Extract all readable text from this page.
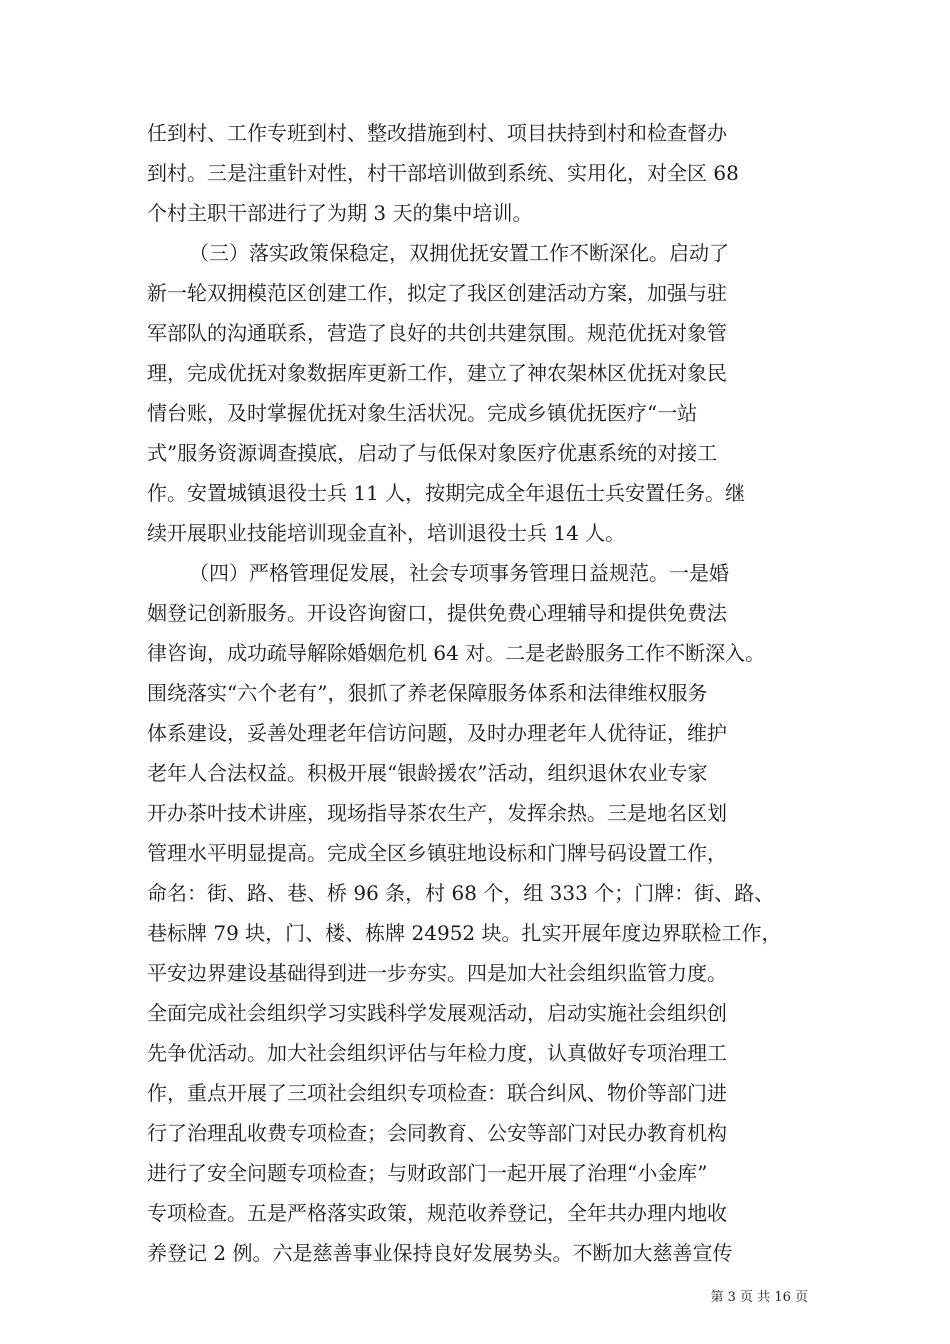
任到村、工作专班到村、整改措施到村、项目扶持到村和检查督办
到村。三是注重针对性，村干部培训做到系统、实用化，对全区 68
个村主职干部进行了为期 3 天的集中培训。
（三）落实政策保稳定，双拥优抚安置工作不断深化。启动了
新一轮双拥模范区创建工作，拟定了我区创建活动方案，加强与驻
军部队的沟通联系，营造了良好的共创共建氛围。规范优抚对象管
理，完成优抚对象数据库更新工作，建立了神农架林区优抚对象民
情台账，及时掌握优抚对象生活状况。完成乡镇优抚医疗“一站
式”服务资源调查摸底，启动了与低保对象医疗优惠系统的对接工
作。安置城镇退役士兵 11 人，按期完成全年退伍士兵安置任务。继
续开展职业技能培训现金直补，培训退役士兵 14 人。
（四）严格管理促发展，社会专项事务管理日益规范。一是婚
姻登记创新服务。开设咨询窗口，提供免费心理辅导和提供免费法
律咨询，成功疏导解除婚姻危机 64 对。二是老龄服务工作不断深入。
围绕落实“六个老有”，狠抓了养老保障服务体系和法律维权服务
体系建设，妥善处理老年信访问题，及时办理老年人优待证，维护
老年人合法权益。积极开展“银龄援农”活动，组织退休农业专家
开办茶叶技术讲座，现场指导茶农生产，发挥余热。三是地名区划
管理水平明显提高。完成全区乡镇驻地设标和门牌号码设置工作，
命名：街、路、巷、桥 96 条，村 68 个，组 333 个；门牌：街、路、
巷标牌 79 块，门、楼、栋牌 24952 块。扎实开展年度边界联检工作，
平安边界建设基础得到进一步夯实。四是加大社会组织监管力度。
全面完成社会组织学习实践科学发展观活动，启动实施社会组织创
先争优活动。加大社会组织评估与年检力度，认真做好专项治理工
作，重点开展了三项社会组织专项检查：联合纠风、物价等部门进
行了治理乱收费专项检查；会同教育、公安等部门对民办教育机构
进行了安全问题专项检查；与财政部门一起开展了治理“小金库”
专项检查。五是严格落实政策，规范收养登记，全年共办理内地收
养登记 2 例。六是慈善事业保持良好发展势头。不断加大慈善宣传
第 3 页 共 16 页
